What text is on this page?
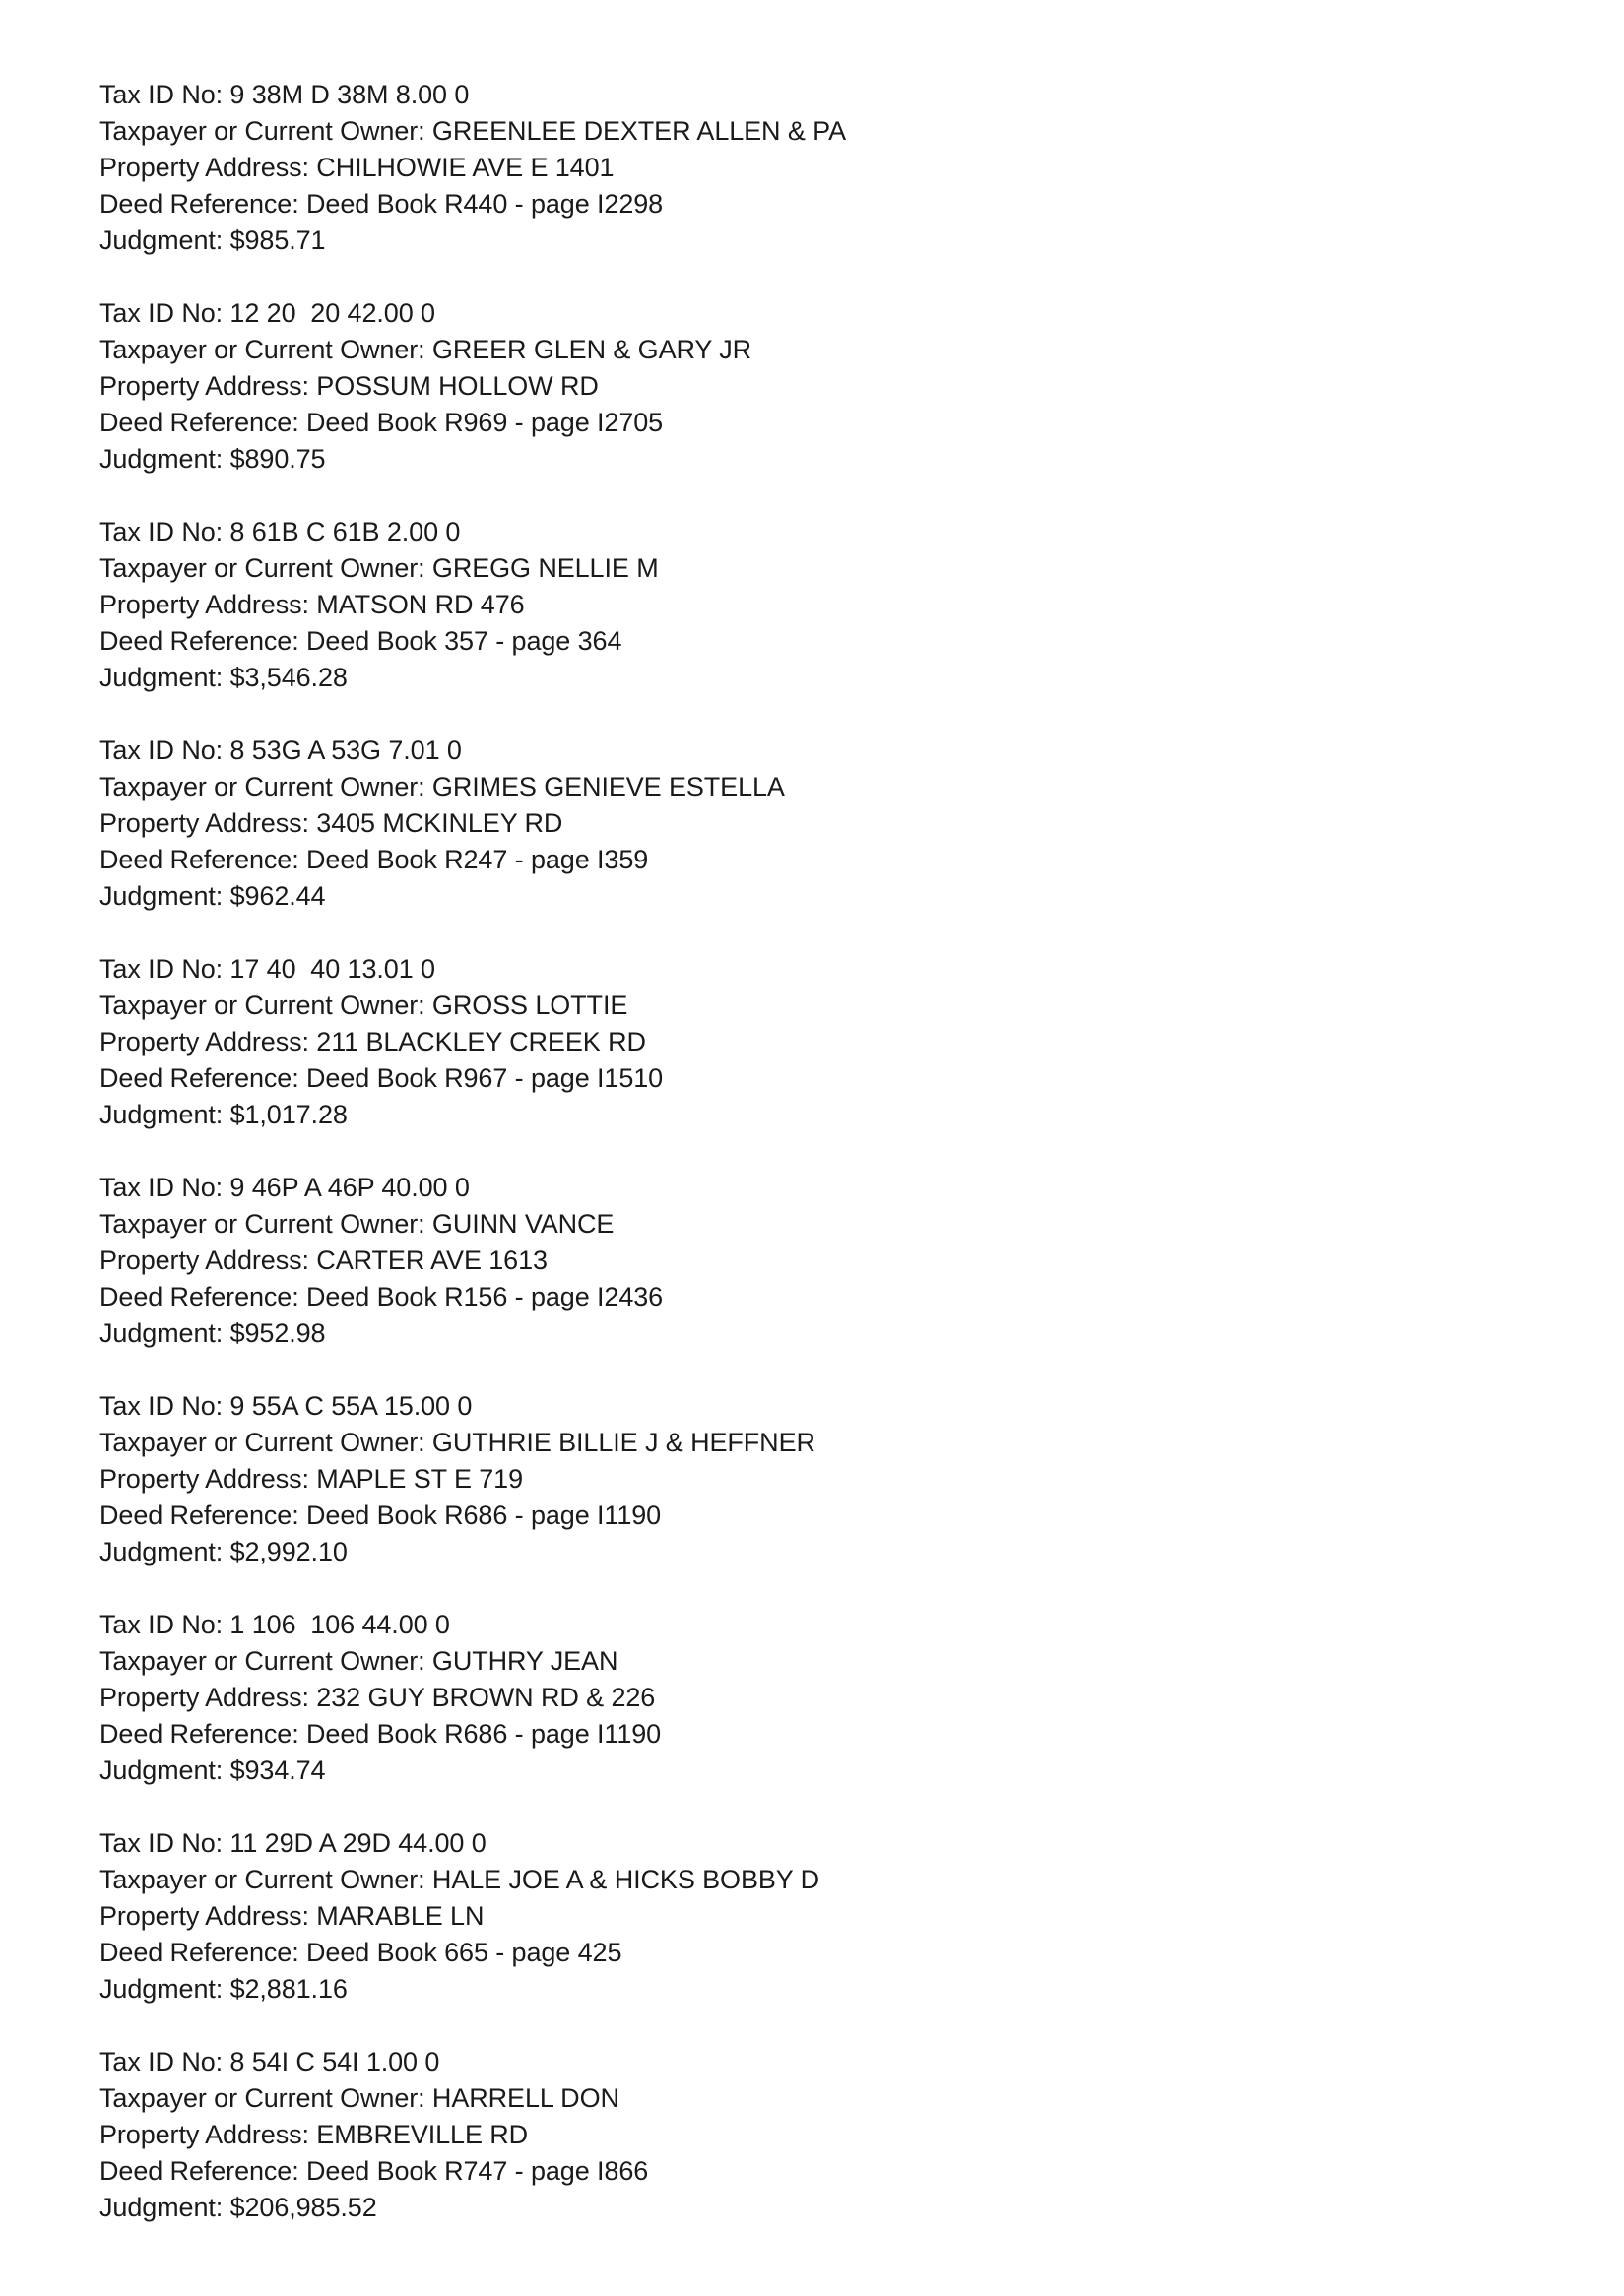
Tax ID No: 9 38M D 38M 8.00 0
Taxpayer or Current Owner: GREENLEE DEXTER ALLEN & PA
Property Address: CHILHOWIE AVE E 1401
Deed Reference: Deed Book R440 - page I2298
Judgment: $985.71
Tax ID No: 12 20  20 42.00 0
Taxpayer or Current Owner: GREER GLEN & GARY JR
Property Address: POSSUM HOLLOW RD
Deed Reference: Deed Book R969 - page I2705
Judgment: $890.75
Tax ID No: 8 61B C 61B 2.00 0
Taxpayer or Current Owner: GREGG NELLIE M
Property Address: MATSON RD 476
Deed Reference: Deed Book 357 - page 364
Judgment: $3,546.28
Tax ID No: 8 53G A 53G 7.01 0
Taxpayer or Current Owner: GRIMES GENIEVE ESTELLA
Property Address: 3405 MCKINLEY RD
Deed Reference: Deed Book R247 - page I359
Judgment: $962.44
Tax ID No: 17 40  40 13.01 0
Taxpayer or Current Owner: GROSS LOTTIE
Property Address: 211 BLACKLEY CREEK RD
Deed Reference: Deed Book R967 - page I1510
Judgment: $1,017.28
Tax ID No: 9 46P A 46P 40.00 0
Taxpayer or Current Owner: GUINN VANCE
Property Address: CARTER AVE 1613
Deed Reference: Deed Book R156 - page I2436
Judgment: $952.98
Tax ID No: 9 55A C 55A 15.00 0
Taxpayer or Current Owner: GUTHRIE BILLIE J & HEFFNER
Property Address: MAPLE ST E 719
Deed Reference: Deed Book R686 - page I1190
Judgment: $2,992.10
Tax ID No: 1 106  106 44.00 0
Taxpayer or Current Owner: GUTHRY JEAN
Property Address: 232 GUY BROWN RD & 226
Deed Reference: Deed Book R686 - page I1190
Judgment: $934.74
Tax ID No: 11 29D A 29D 44.00 0
Taxpayer or Current Owner: HALE JOE A & HICKS BOBBY D
Property Address: MARABLE LN
Deed Reference: Deed Book 665 - page 425
Judgment: $2,881.16
Tax ID No: 8 54I C 54I 1.00 0
Taxpayer or Current Owner: HARRELL DON
Property Address: EMBREVILLE RD
Deed Reference: Deed Book R747 - page I866
Judgment: $206,985.52
